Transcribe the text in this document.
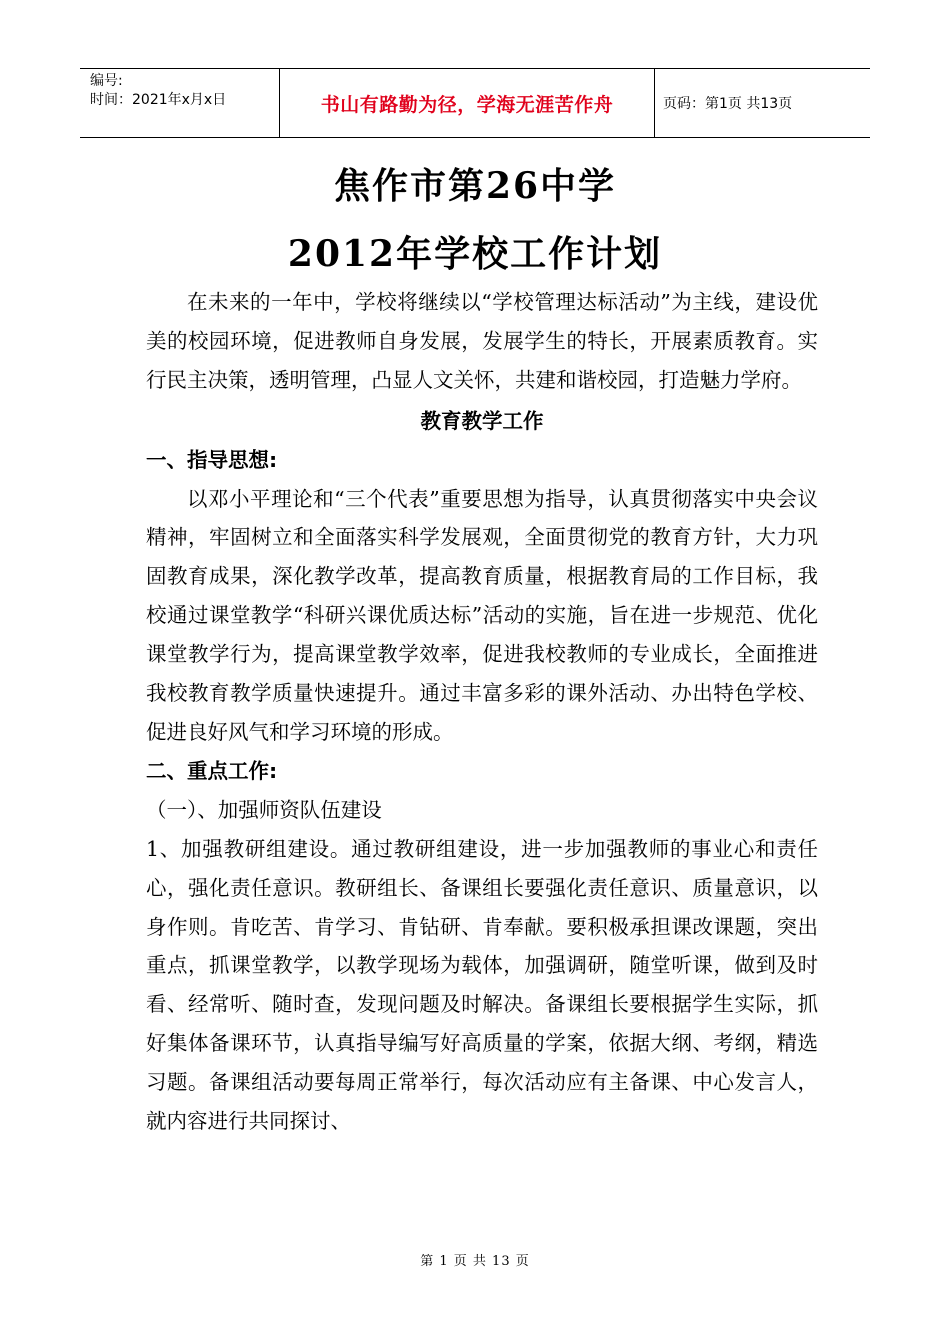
编号:
时间：2021年x月x日	书山有路勤为径，学海无涯苦作舟	页码：第1页 共13页
焦作市第26中学
2012年学校工作计划

在未来的一年中，学校将继续以“学校管理达标活动”为主线，建设优美的校园环境，促进教师自身发展，发展学生的特长，开展素质教育。实行民主决策，透明管理，凸显人文关怀，共建和谐校园，打造魅力学府。

教育教学工作

一、指导思想:

以邓小平理论和“三个代表”重要思想为指导，认真贯彻落实中央会议精神，牢固树立和全面落实科学发展观，全面贯彻党的教育方针，大力巩固教育成果，深化教学改革，提高教育质量，根据教育局的工作目标，我校通过课堂教学“科研兴课优质达标”活动的实施，旨在进一步规范、优化课堂教学行为，提高课堂教学效率，促进我校教师的专业成长，全面推进我校教育教学质量快速提升。通过丰富多彩的课外活动、办出特色学校、促进良好风气和学习环境的形成。

二、重点工作:

（一）、加强师资队伍建设

1、加强教研组建设。通过教研组建设，进一步加强教师的事业心和责任心，强化责任意识。教研组长、备课组长要强化责任意识、质量意识，以身作则。肯吃苦、肯学习、肯钻研、肯奉献。要积极承担课改课题，突出重点，抓课堂教学，以教学现场为载体，加强调研，随堂听课，做到及时看、经常听、随时查，发现问题及时解决。备课组长要根据学生实际，抓好集体备课环节，认真指导编写好高质量的学案，依据大纲、考纲，精选习题。备课组活动要每周正常举行，每次活动应有主备课、中心发言人，就内容进行共同探讨、

第 1 页 共 13 页
